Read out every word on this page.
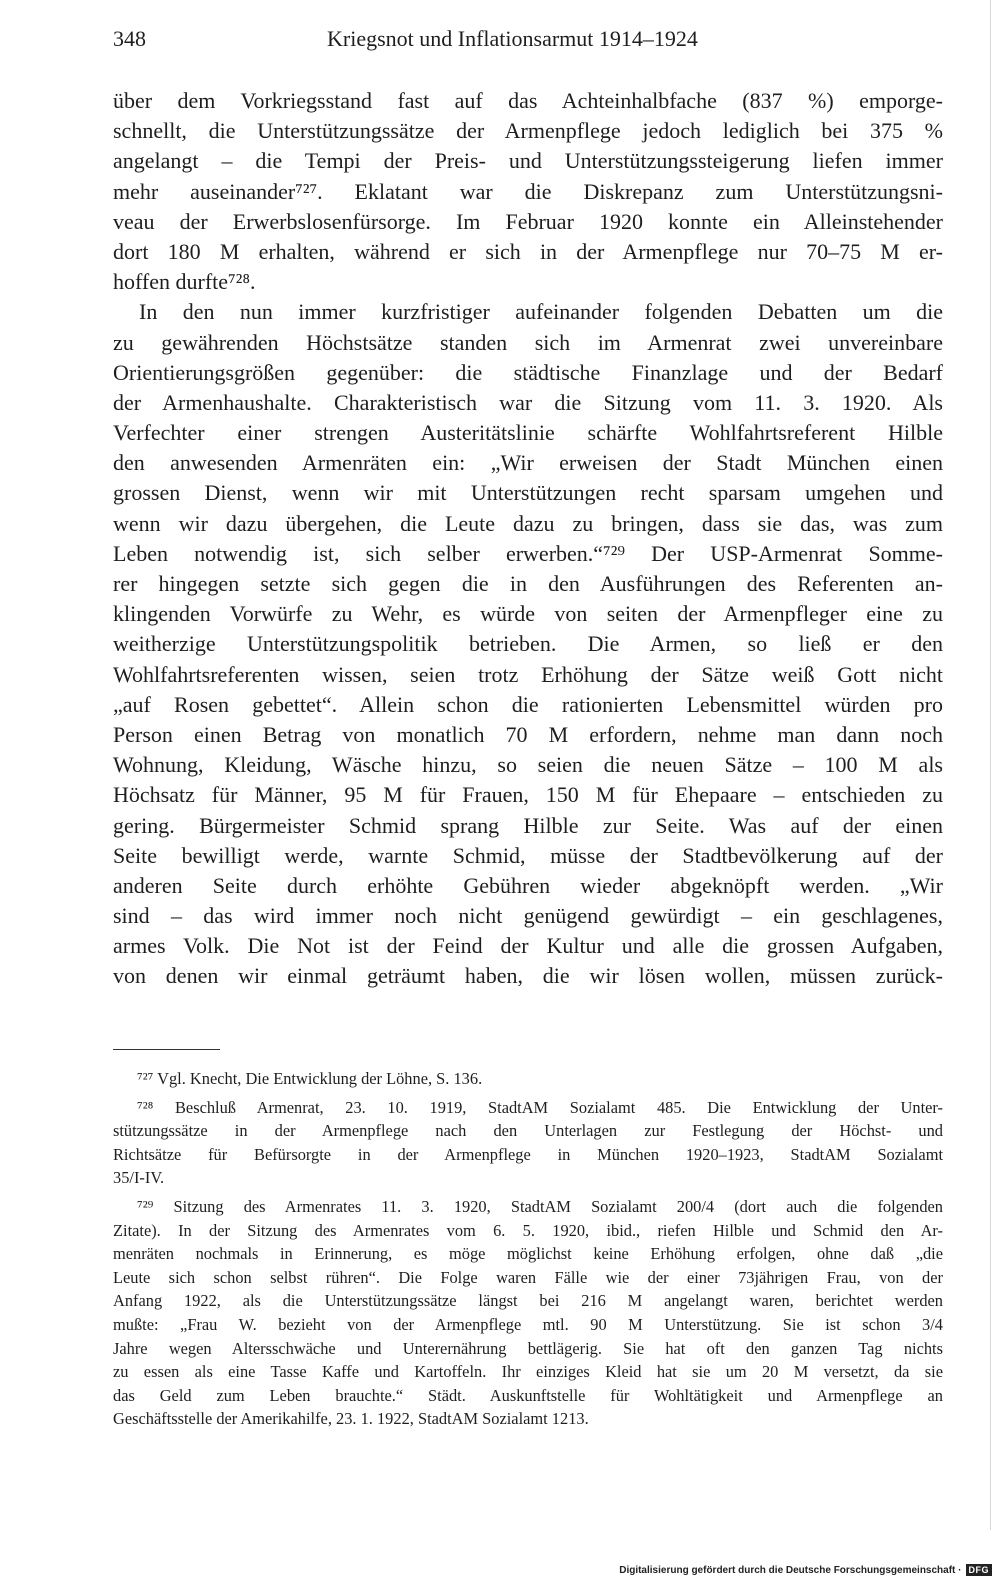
348	Kriegsnot und Inflationsarmut 1914–1924
über dem Vorkriegsstand fast auf das Achteinhalbfache (837 %) emporge-
schnellt, die Unterstützungssätze der Armenpflege jedoch lediglich bei 375 %
angelangt – die Tempi der Preis- und Unterstützungssteigerung liefen immer
mehr auseinander⁷²⁷. Eklatant war die Diskrepanz zum Unterstützungsni-
veau der Erwerbslosenfürsorge. Im Februar 1920 konnte ein Alleinstehender
dort 180 M erhalten, während er sich in der Armenpflege nur 70–75 M er-
hoffen durfte⁷²⁸.
In den nun immer kurzfristiger aufeinander folgenden Debatten um die
zu gewährenden Höchstsätze standen sich im Armenrat zwei unvereinbare
Orientierungsgrößen gegenüber: die städtische Finanzlage und der Bedarf
der Armenhaushalte. Charakteristisch war die Sitzung vom 11. 3. 1920. Als
Verfechter einer strengen Austeritätslinie schärfte Wohlfahrtsreferent Hilble
den anwesenden Armenräten ein: „Wir erweisen der Stadt München einen
grossen Dienst, wenn wir mit Unterstützungen recht sparsam umgehen und
wenn wir dazu übergehen, die Leute dazu zu bringen, dass sie das, was zum
Leben notwendig ist, sich selber erwerben.“⁷²⁹ Der USP-Armenrat Somme-
rer hingegen setzte sich gegen die in den Ausführungen des Referenten an-
klingenden Vorwürfe zu Wehr, es würde von seiten der Armenpfleger eine zu
weitherzige Unterstützungspolitik betrieben. Die Armen, so ließ er den
Wohlfahrtsreferenten wissen, seien trotz Erhöhung der Sätze weiß Gott nicht
„auf Rosen gebettet“. Allein schon die rationierten Lebensmittel würden pro
Person einen Betrag von monatlich 70 M erfordern, nehme man dann noch
Wohnung, Kleidung, Wäsche hinzu, so seien die neuen Sätze – 100 M als
Höchsatz für Männer, 95 M für Frauen, 150 M für Ehepaare – entschieden zu
gering. Bürgermeister Schmid sprang Hilble zur Seite. Was auf der einen
Seite bewilligt werde, warnte Schmid, müsse der Stadtbevölkerung auf der
anderen Seite durch erhöhte Gebühren wieder abgeknöpft werden. „Wir
sind – das wird immer noch nicht genügend gewürdigt – ein geschlagenes,
armes Volk. Die Not ist der Feind der Kultur und alle die grossen Aufgaben,
von denen wir einmal geträumt haben, die wir lösen wollen, müssen zurück-
⁷²⁷ Vgl. Knecht, Die Entwicklung der Löhne, S. 136.
⁷²⁸ Beschluß Armenrat, 23. 10. 1919, StadtAM Sozialamt 485. Die Entwicklung der Unter-
stützungssätze in der Armenpflege nach den Unterlagen zur Festlegung der Höchst- und
Richtsätze für Befürsorgte in der Armenpflege in München 1920–1923, StadtAM Sozialamt
35/I-IV.
⁷²⁹ Sitzung des Armenrates 11. 3. 1920, StadtAM Sozialamt 200/4 (dort auch die folgenden
Zitate). In der Sitzung des Armenrates vom 6. 5. 1920, ibid., riefen Hilble und Schmid den Ar-
menräten nochmals in Erinnerung, es möge möglichst keine Erhöhung erfolgen, ohne daß „die
Leute sich schon selbst rühren“. Die Folge waren Fälle wie der einer 73jährigen Frau, von der
Anfang 1922, als die Unterstützungssätze längst bei 216 M angelangt waren, berichtet werden
mußte: „Frau W. bezieht von der Armenpflege mtl. 90 M Unterstützung. Sie ist schon 3/4
Jahre wegen Altersschwäche und Unterernährung bettlägerig. Sie hat oft den ganzen Tag nichts
zu essen als eine Tasse Kaffe und Kartoffeln. Ihr einziges Kleid hat sie um 20 M versetzt, da sie
das Geld zum Leben brauchte.“ Städt. Auskunftstelle für Wohltätigkeit und Armenpflege an
Geschäftsstelle der Amerikahilfe, 23. 1. 1922, StadtAM Sozialamt 1213.
Digitalisierung gefördert durch die Deutsche Forschungsgemeinschaft · DFG
